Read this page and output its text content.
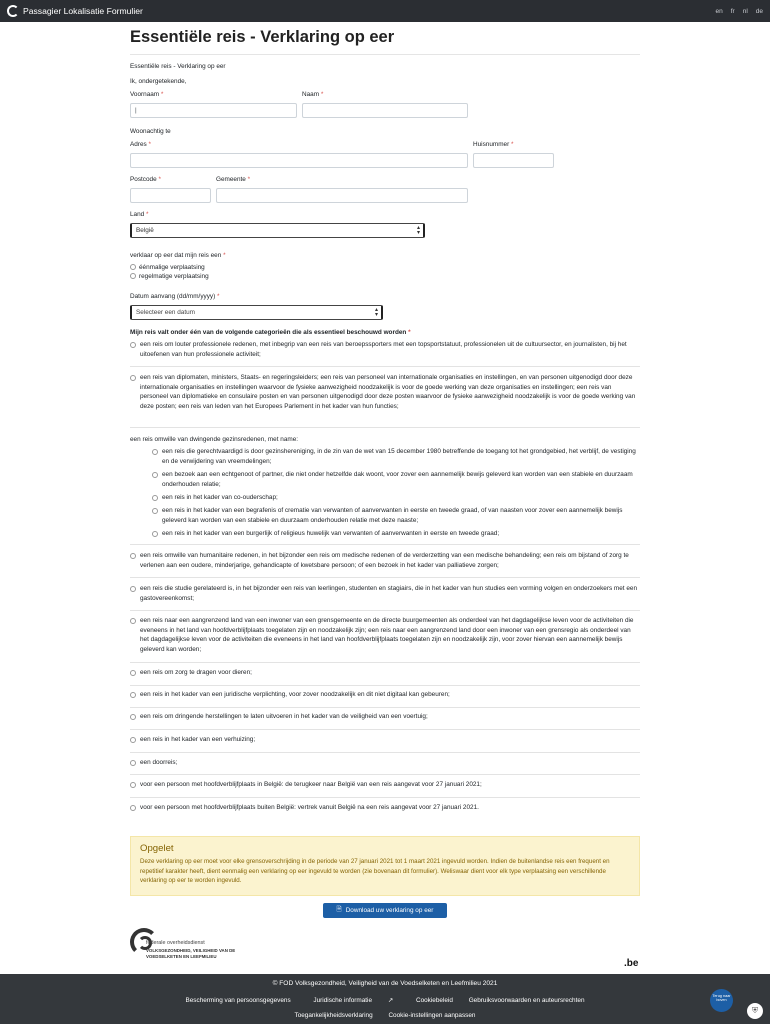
Passagier Lokalisatie Formulier	en fr nl de
Essentiële reis - Verklaring op eer
Essentiële reis - Verklaring op eer
Ik, ondergetekende,
Voornaam *	Naam *
|
Woonachtig te
Adres *	Huisnummer *
Postcode *	Gemeente *
Land *
België	▴
▾
verklaar op eer dat mijn reis een *
éénmalige verplaatsing
regelmatige verplaatsing
Datum aanvang (dd/mm/yyyy) *
Selecteer een datum	▴
▾
Mijn reis valt onder één van de volgende categorieën die als essentieel beschouwd worden *
een reis om louter professionele redenen, met inbegrip van een reis van beroepssporters met een topsportstatuut, professionelen uit de cultuursector, en journalisten, bij het uitoefenen van hun professionele activiteit;
een reis van diplomaten, ministers, Staats- en regeringsleiders; een reis van personeel van internationale organisaties en instellingen, en van personen uitgenodigd door deze internationale organisaties en instellingen waarvoor de fysieke aanwezigheid noodzakelijk is voor de goede werking van deze organisaties en instellingen; een reis van personeel van diplomatieke en consulaire posten en van personen uitgenodigd door deze posten waarvoor de fysieke aanwezigheid noodzakelijk is voor de goede werking van deze posten; een reis van leden van het Europees Parlement in het kader van hun functies;
een reis omwille van dwingende gezinsredenen, met name:
een reis die gerechtvaardigd is door gezinshereniging, in de zin van de wet van 15 december 1980 betreffende de toegang tot het grondgebied, het verblijf, de vestiging en de verwijdering van vreemdelingen;
een bezoek aan een echtgenoot of partner, die niet onder hetzelfde dak woont, voor zover een aannemelijk bewijs geleverd kan worden van een stabiele en duurzaam onderhouden relatie;
een reis in het kader van co-ouderschap;
een reis in het kader van een begrafenis of crematie van verwanten of aanverwanten in eerste en tweede graad, of van naasten voor zover een aannemelijk bewijs geleverd kan worden van een stabiele en duurzaam onderhouden relatie met deze naaste;
een reis in het kader van een burgerlijk of religieus huwelijk van verwanten of aanverwanten in eerste en tweede graad;
een reis omwille van humanitaire redenen, in het bijzonder een reis om medische redenen of de verderzetting van een medische behandeling; een reis om bijstand of zorg te verlenen aan een oudere, minderjarige, gehandicapte of kwetsbare persoon; of een bezoek in het kader van palliatieve zorgen;
een reis die studie gerelateerd is, in het bijzonder een reis van leerlingen, studenten en stagiairs, die in het kader van hun studies een vorming volgen en onderzoekers met een gastovereenkomst;
een reis naar een aangrenzend land van een inwoner van een grensgemeente en de directe buurgemeenten als onderdeel van het dagdagelijkse leven voor de activiteiten die eveneens in het land van hoofdverblijfplaats toegelaten zijn en noodzakelijk zijn; een reis naar een aangrenzend land door een inwoner van een grensregio als onderdeel van het dagdagelijkse leven voor de activiteiten die eveneens in het land van hoofdverblijfplaats toegelaten zijn en noodzakelijk zijn, voor zover hiervan een aannemelijk bewijs geleverd kan worden;
een reis om zorg te dragen voor dieren;
een reis in het kader van een juridische verplichting, voor zover noodzakelijk en dit niet digitaal kan gebeuren;
een reis om dringende herstellingen te laten uitvoeren in het kader van de veiligheid van een voertuig;
een reis in het kader van een verhuizing;
een doorreis;
voor een persoon met hoofdverblijfplaats in België: de terugkeer naar België van een reis aangevat voor 27 januari 2021;
voor een persoon met hoofdverblijfplaats buiten België: vertrek vanuit België na een reis aangevat voor 27 januari 2021.
Opgelet

Deze verklaring op eer moet voor elke grensoverschrijding in de periode van 27 januari 2021 tot 1 maart 2021 ingevuld worden. Indien de buitenlandse reis een frequent en repetitief karakter heeft, dient eenmalig een verklaring op eer ingevuld te worden (zie bovenaan dit formulier). Weliswaar dient voor elk type verplaatsing een verschillende verklaring op eer te worden ingevuld.

🗎 Download uw verklaring op eer
federale overheidsdienst
VOLKSGEZONDHEID, VEILIGHEID VAN DE VOEDSELKETEN EN LEEFMILIEU
.be
© FOD Volksgezondheid, Veiligheid van de Voedselketen en Leefmilieu 2021
Bescherming van persoonsgegevens	Juridische informatie ↗	Cookiebeleid Gebruiksvoorwaarden en auteursrechten
Toegankelijkheidsverklaring Cookie-instellingen aanpassen
Terug naar boven
⛨
